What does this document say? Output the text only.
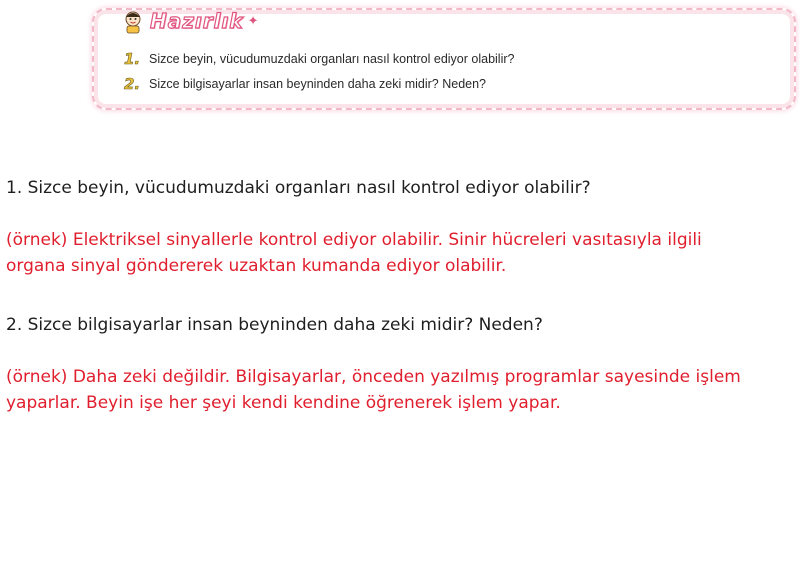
Hazırlık ✦
1. Sizce beyin, vücudumuzdaki organları nasıl kontrol ediyor olabilir?
2. Sizce bilgisayarlar insan beyninden daha zeki midir? Neden?

1. Sizce beyin, vücudumuzdaki organları nasıl kontrol ediyor olabilir?

(örnek) Elektriksel sinyallerle kontrol ediyor olabilir. Sinir hücreleri vasıtasıyla ilgili
organa sinyal göndererek uzaktan kumanda ediyor olabilir.

2. Sizce bilgisayarlar insan beyninden daha zeki midir? Neden?

(örnek) Daha zeki değildir. Bilgisayarlar, önceden yazılmış programlar sayesinde işlem
yaparlar. Beyin işe her şeyi kendi kendine öğrenerek işlem yapar.
